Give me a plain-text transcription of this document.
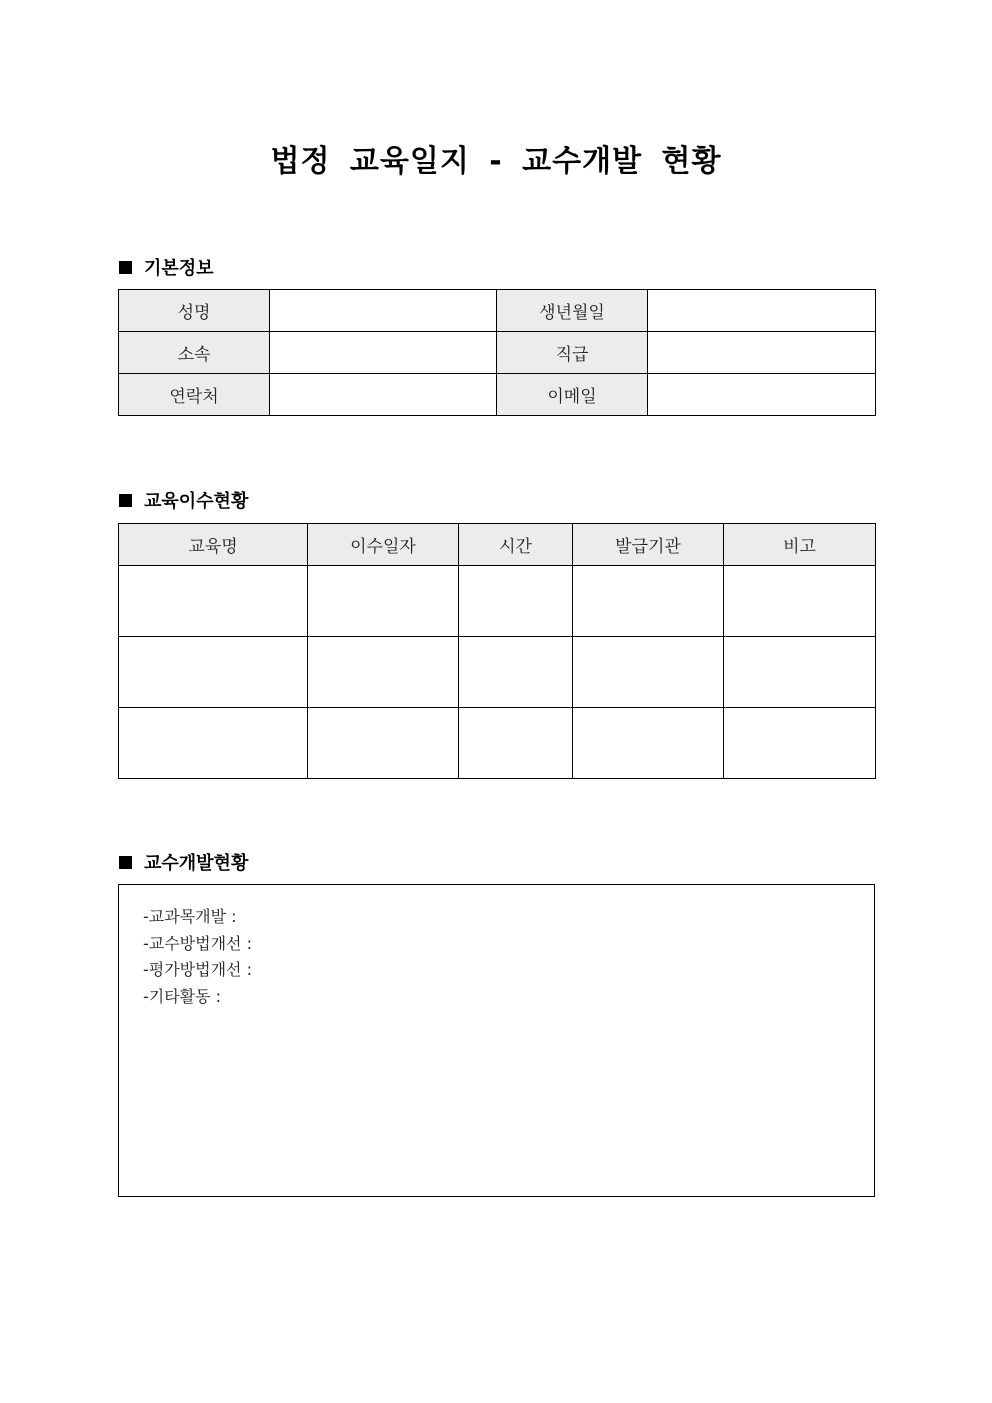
법정 교육일지 - 교수개발 현황
기본정보
성명		생년월일	
소속		직급	
연락처		이메일	
교육이수현황
교육명	이수일자	시간	발급기관	비고

교수개발현황
-교과목개발 :
-교수방법개선 :
-평가방법개선 :
-기타활동 :
